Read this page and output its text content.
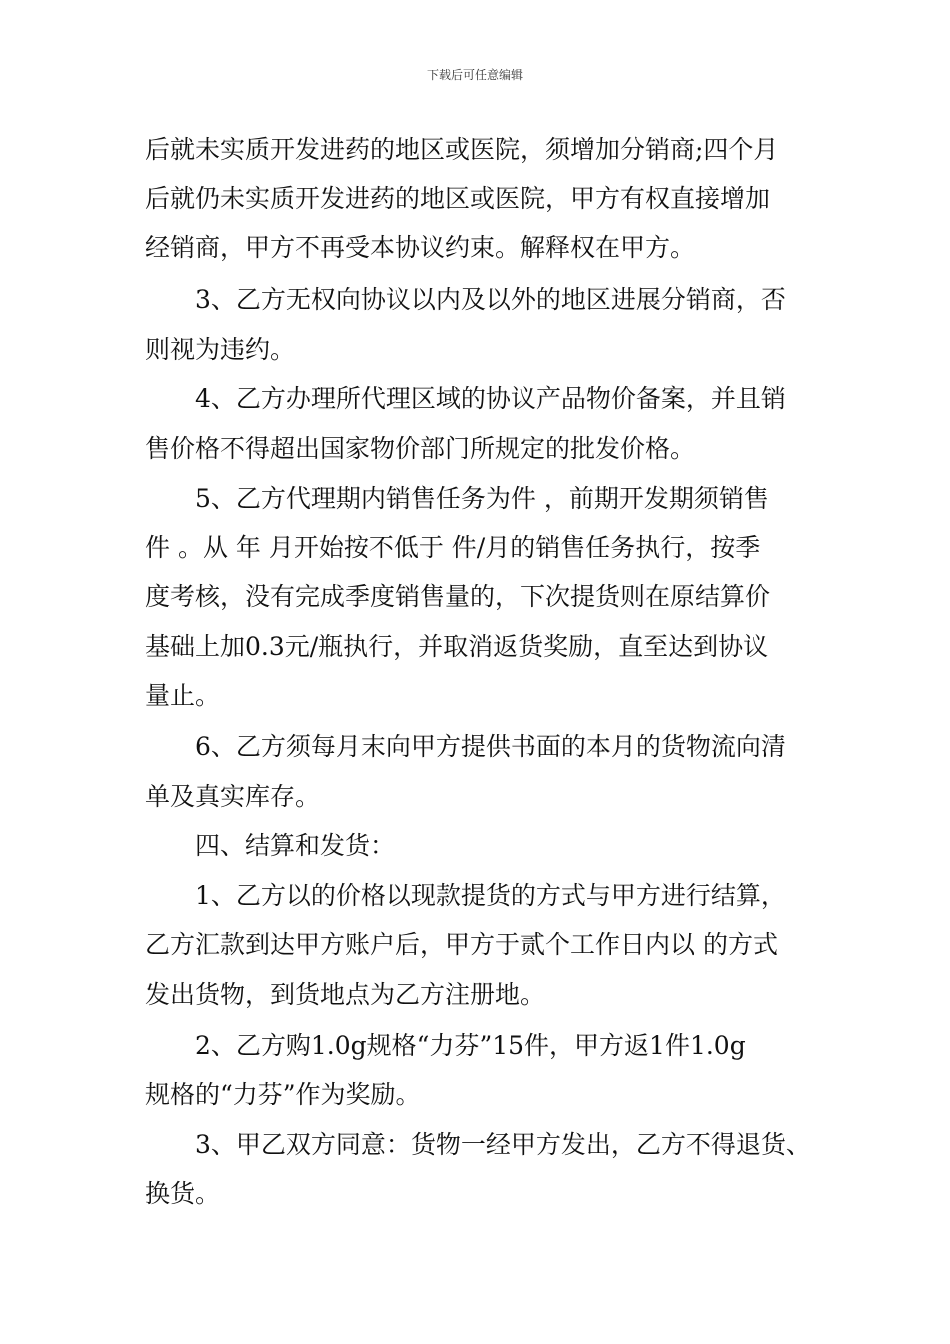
下载后可任意编辑

后就未实质开发进药的地区或医院，须增加分销商;四个月

后就仍未实质开发进药的地区或医院，甲方有权直接增加

经销商，甲方不再受本协议约束。解释权在甲方。

3、乙方无权向协议以内及以外的地区进展分销商，否

则视为违约。

4、乙方办理所代理区域的协议产品物价备案，并且销

售价格不得超出国家物价部门所规定的批发价格。

5、乙方代理期内销售任务为件 ，前期开发期须销售

件 。从 年 月开始按不低于 件/月的销售任务执行，按季

度考核，没有完成季度销售量的，下次提货则在原结算价

基础上加0.3元/瓶执行，并取消返货奖励，直至达到协议

量止。

6、乙方须每月末向甲方提供书面的本月的货物流向清

单及真实库存。

四、结算和发货：

1、乙方以的价格以现款提货的方式与甲方进行结算，

乙方汇款到达甲方账户后，甲方于贰个工作日内以 的方式

发出货物，到货地点为乙方注册地。

2、乙方购1.0g规格“力芬”15件，甲方返1件1.0g

规格的“力芬”作为奖励。

3、甲乙双方同意：货物一经甲方发出，乙方不得退货、

换货。
